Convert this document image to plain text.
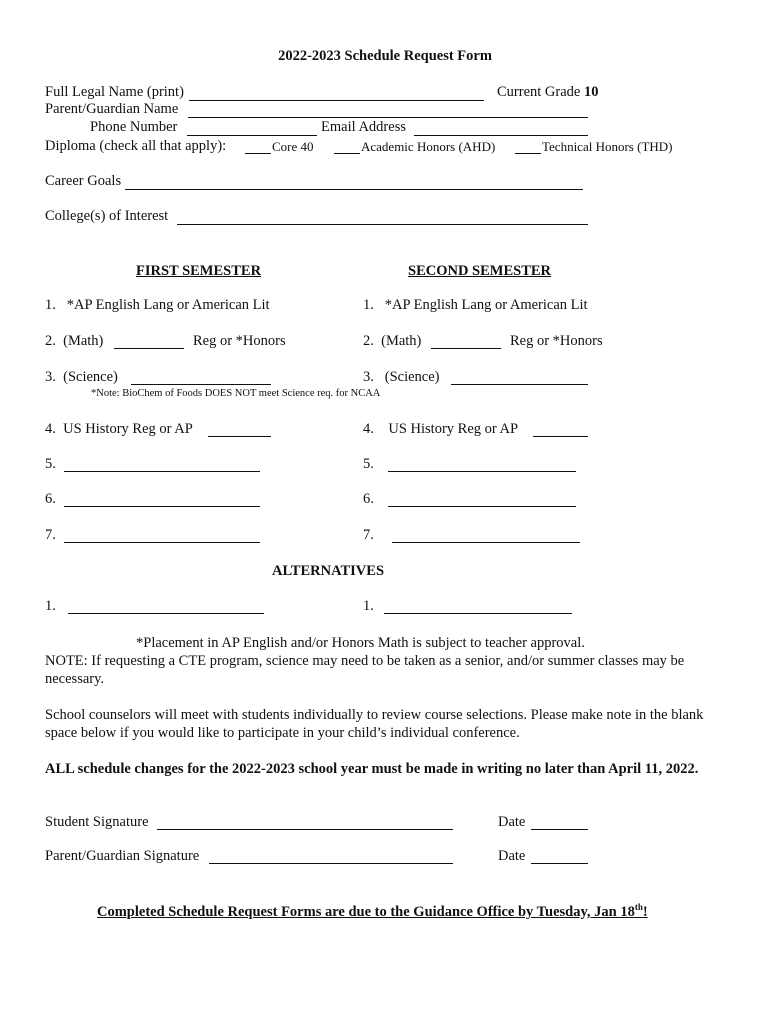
2022-2023 Schedule Request Form
Full Legal Name (print)	Current Grade 10
Parent/Guardian Name
Phone Number	Email Address
Diploma (check all that apply):	Core 40	Academic Honors (AHD)	Technical Honors (THD)
Career Goals
College(s) of Interest
FIRST SEMESTER	SECOND SEMESTER
1. *AP English Lang or American Lit	1. *AP English Lang or American Lit
2. (Math)	Reg or *Honors	2. (Math)	Reg or *Honors
3. (Science)	3. (Science)
*Note: BioChem of Foods DOES NOT meet Science req. for NCAA
4. US History Reg or AP	4. US History Reg or AP
5.	5.
6.	6.
7.	7.
ALTERNATIVES
1.	1.
*Placement in AP English and/or Honors Math is subject to teacher approval.
NOTE: If requesting a CTE program, science may need to be taken as a senior, and/or summer classes may be necessary.
School counselors will meet with students individually to review course selections. Please make note in the blank space below if you would like to participate in your child’s individual conference.
ALL schedule changes for the 2022-2023 school year must be made in writing no later than April 11, 2022.
Student Signature	Date
Parent/Guardian Signature	Date
Completed Schedule Request Forms are due to the Guidance Office by Tuesday, Jan 18th!
